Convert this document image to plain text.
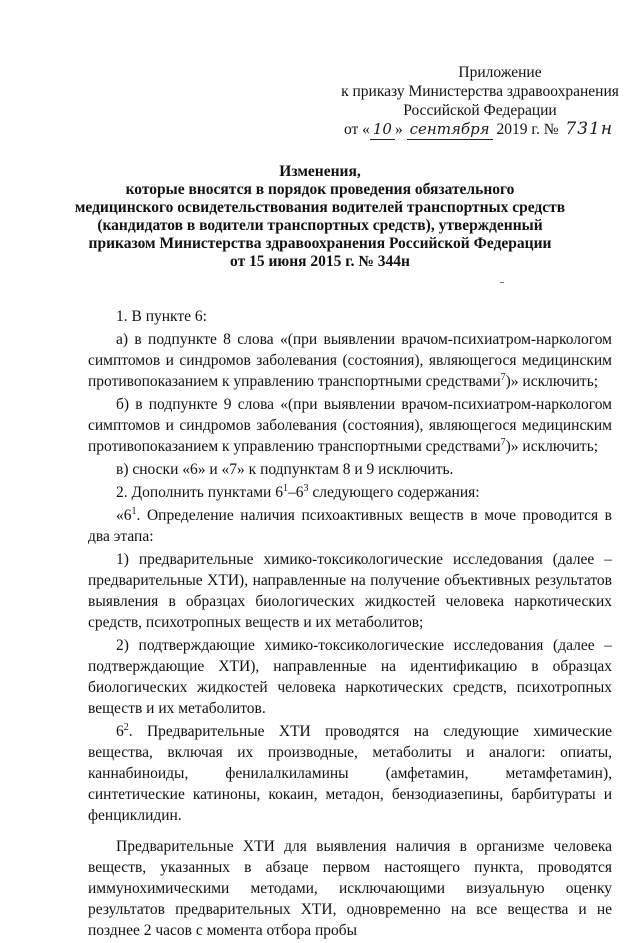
Приложение
к приказу Министерства здравоохранения
Российской Федерации
от « 10 » сентября 2019 г. № 731н
Изменения,
которые вносятся в порядок проведения обязательного
медицинского освидетельствования водителей транспортных средств
(кандидатов в водители транспортных средств), утвержденный
приказом Министерства здравоохранения Российской Федерации
от 15 июня 2015 г. № 344н

1. В пункте 6:

а) в подпункте 8 слова «(при выявлении врачом-психиатром-наркологом симптомов и синдромов заболевания (состояния), являющегося медицинским противопоказанием к управлению транспортными средствами$^7$)» исключить;

б) в подпункте 9 слова «(при выявлении врачом-психиатром-наркологом симптомов и синдромов заболевания (состояния), являющегося медицинским противопоказанием к управлению транспортными средствами$^7$)» исключить;

в) сноски «6» и «7» к подпунктам 8 и 9 исключить.

2. Дополнить пунктами $6^1-6^3$ следующего содержания:

«$6^1$. Определение наличия психоактивных веществ в моче проводится в два этапа:

1) предварительные химико-токсикологические исследования (далее – предварительные ХТИ), направленные на получение объективных результатов выявления в образцах биологических жидкостей человека наркотических средств, психотропных веществ и их метаболитов;

2) подтверждающие химико-токсикологические исследования (далее – подтверждающие ХТИ), направленные на идентификацию в образцах биологических жидкостей человека наркотических средств, психотропных веществ и их метаболитов.

$6^2$. Предварительные ХТИ проводятся на следующие химические вещества, включая их производные, метаболиты и аналоги: опиаты, каннабиноиды, фенилалкиламины (амфетамин, метамфетамин), синтетические катиноны, кокаин, метадон, бензодиазепины, барбитураты и фенциклидин.

Предварительные ХТИ для выявления наличия в организме человека веществ, указанных в абзаце первом настоящего пункта, проводятся иммунохимическими методами, исключающими визуальную оценку результатов предварительных ХТИ, одновременно на все вещества и не позднее 2 часов с момента отбора пробы
